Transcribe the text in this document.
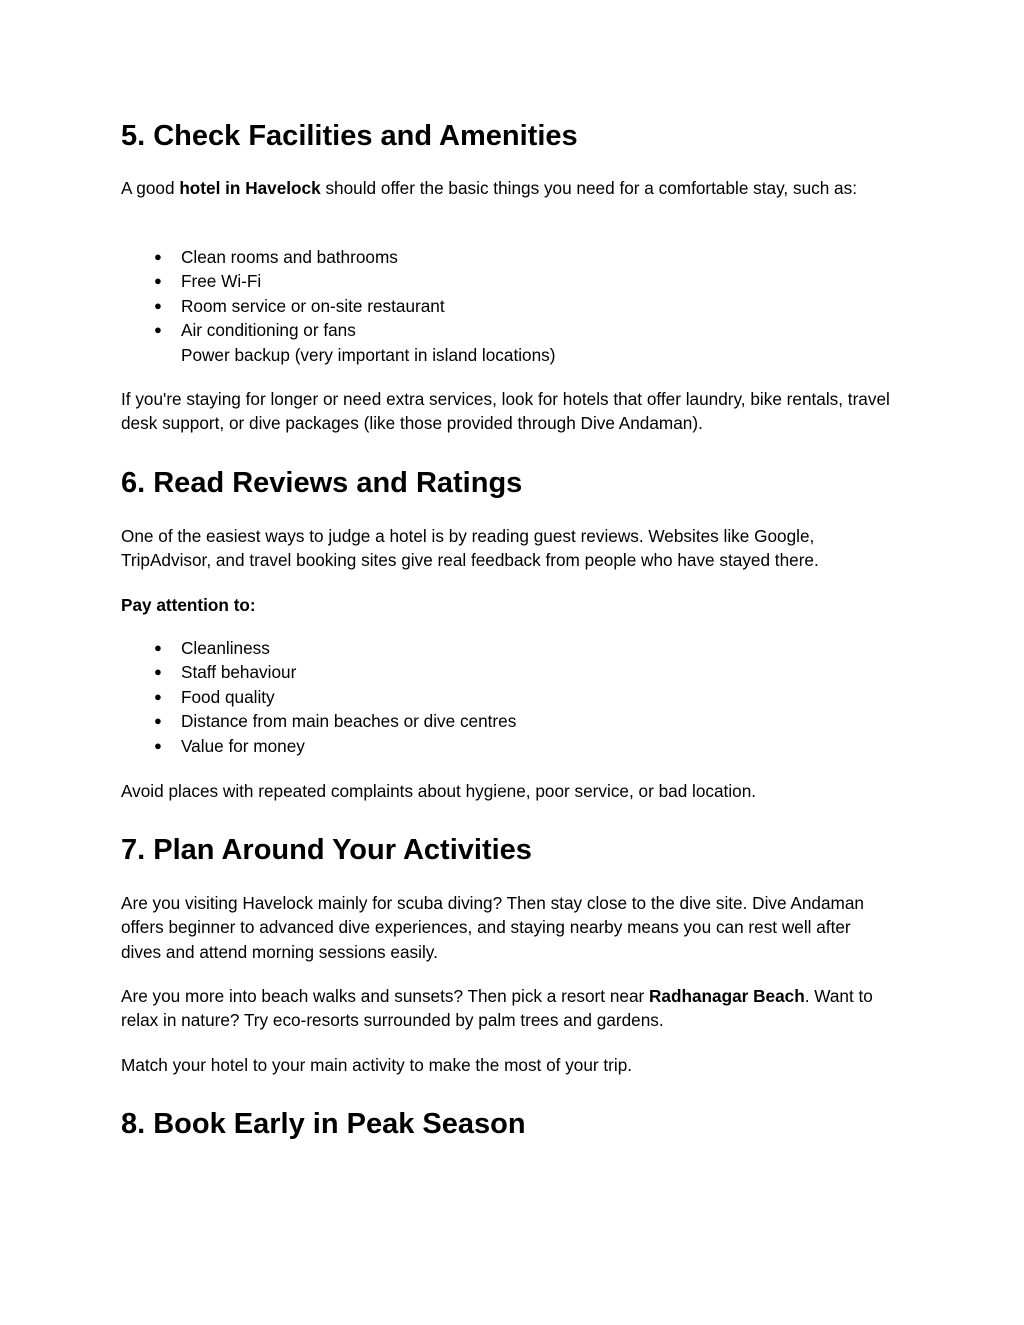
5. Check Facilities and Amenities

A good hotel in Havelock should offer the basic things you need for a comfortable stay, such as:

● Clean rooms and bathrooms
● Free Wi-Fi
● Room service or on-site restaurant
● Air conditioning or fans
Power backup (very important in island locations)

If you're staying for longer or need extra services, look for hotels that offer laundry, bike rentals, travel desk support, or dive packages (like those provided through Dive Andaman).

6. Read Reviews and Ratings

One of the easiest ways to judge a hotel is by reading guest reviews. Websites like Google, TripAdvisor, and travel booking sites give real feedback from people who have stayed there.

Pay attention to:

● Cleanliness
● Staff behaviour
● Food quality
● Distance from main beaches or dive centres
● Value for money

Avoid places with repeated complaints about hygiene, poor service, or bad location.

7. Plan Around Your Activities

Are you visiting Havelock mainly for scuba diving? Then stay close to the dive site. Dive Andaman offers beginner to advanced dive experiences, and staying nearby means you can rest well after dives and attend morning sessions easily.

Are you more into beach walks and sunsets? Then pick a resort near Radhanagar Beach. Want to relax in nature? Try eco-resorts surrounded by palm trees and gardens.

Match your hotel to your main activity to make the most of your trip.

8. Book Early in Peak Season
